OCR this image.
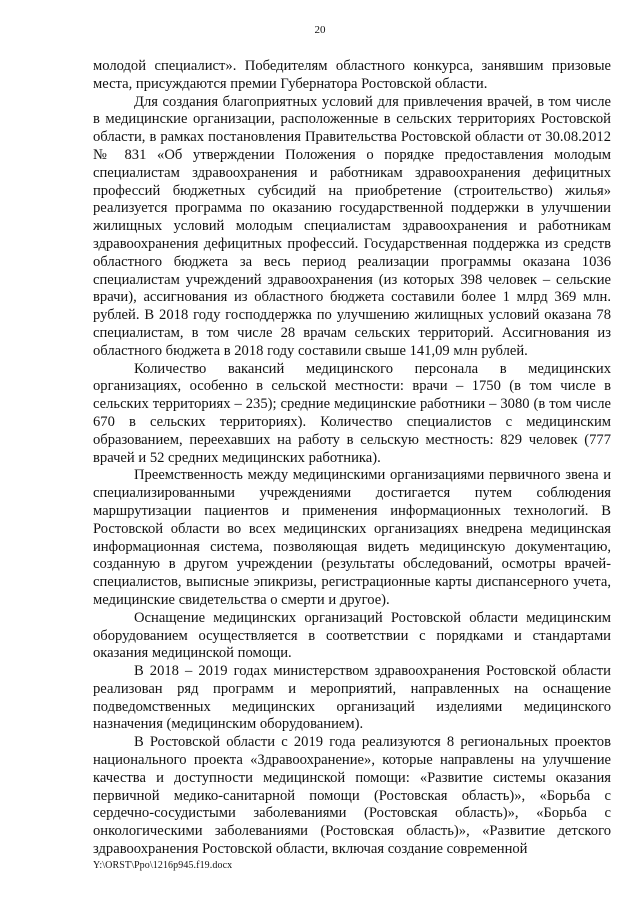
20

молодой специалист». Победителям областного конкурса, занявшим призовые места, присуждаются премии Губернатора Ростовской области.

Для создания благоприятных условий для привлечения врачей, в том числе в медицинские организации, расположенные в сельских территориях Ростовской области, в рамках постановления Правительства Ростовской области от 30.08.2012 № 831 «Об утверждении Положения о порядке предоставления молодым специалистам здравоохранения и работникам здравоохранения дефицитных профессий бюджетных субсидий на приобретение (строительство) жилья» реализуется программа по оказанию государственной поддержки в улучшении жилищных условий молодым специалистам здравоохранения и работникам здравоохранения дефицитных профессий. Государственная поддержка из средств областного бюджета за весь период реализации программы оказана 1036 специалистам учреждений здравоохранения (из которых 398 человек – сельские врачи), ассигнования из областного бюджета составили более 1 млрд 369 млн. рублей. В 2018 году господдержка по улучшению жилищных условий оказана 78 специалистам, в том числе 28 врачам сельских территорий. Ассигнования из областного бюджета в 2018 году составили свыше 141,09 млн рублей.

Количество вакансий медицинского персонала в медицинских организациях, особенно в сельской местности: врачи – 1750 (в том числе в сельских территориях – 235); средние медицинские работники – 3080 (в том числе 670 в сельских территориях). Количество специалистов с медицинским образованием, переехавших на работу в сельскую местность: 829 человек (777 врачей и 52 средних медицинских работника).

Преемственность между медицинскими организациями первичного звена и специализированными учреждениями достигается путем соблюдения маршрутизации пациентов и применения информационных технологий. В Ростовской области во всех медицинских организациях внедрена медицинская информационная система, позволяющая видеть медицинскую документацию, созданную в другом учреждении (результаты обследований, осмотры врачей-специалистов, выписные эпикризы, регистрационные карты диспансерного учета, медицинские свидетельства о смерти и другое).

Оснащение медицинских организаций Ростовской области медицинским оборудованием осуществляется в соответствии с порядками и стандартами оказания медицинской помощи.

В 2018 – 2019 годах министерством здравоохранения Ростовской области реализован ряд программ и мероприятий, направленных на оснащение подведомственных медицинских организаций изделиями медицинского назначения (медицинским оборудованием).

В Ростовской области с 2019 года реализуются 8 региональных проектов национального проекта «Здравоохранение», которые направлены на улучшение качества и доступности медицинской помощи: «Развитие системы оказания первичной медико-санитарной помощи (Ростовская область)», «Борьба с сердечно-сосудистыми заболеваниями (Ростовская область)», «Борьба с онкологическими заболеваниями (Ростовская область)», «Развитие детского здравоохранения Ростовской области, включая создание современной

Y:\ORST\Ppo\1216p945.f19.docx
